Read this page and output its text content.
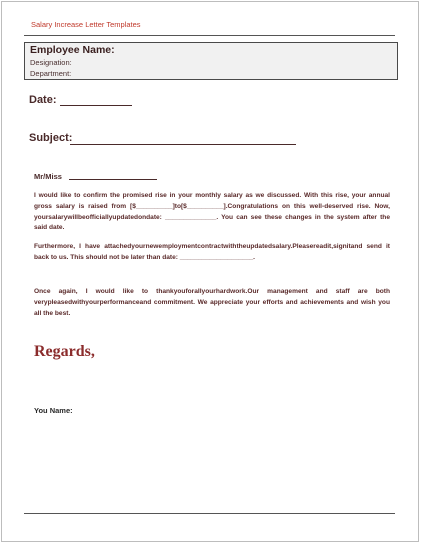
Salary Increase Letter Templates
Employee Name:
Designation:
Department:
Date:
Subject:
Mr/Miss
I would like to confirm the promised rise in your monthly salary as we discussed. With this rise, your annual gross salary is raised from [$__________]to[$__________].Congratulations on this well-deserved rise. Now, yoursalarywillbeofficiallyupdatedondate: ______________. You can see these changes in the system after the said date.
Furthermore, I have attachedyournewemploymentcontractwiththeupdatedsalary.Pleasereadit,signitand send it back to us. This should not be later than date: ____________________.
Once again, I would like to thankyouforallyourhardwork.Our management and staff are both verypleasedwithyourperformanceand commitment. We appreciate your efforts and achievements and wish you all the best.
Regards,
You Name:
